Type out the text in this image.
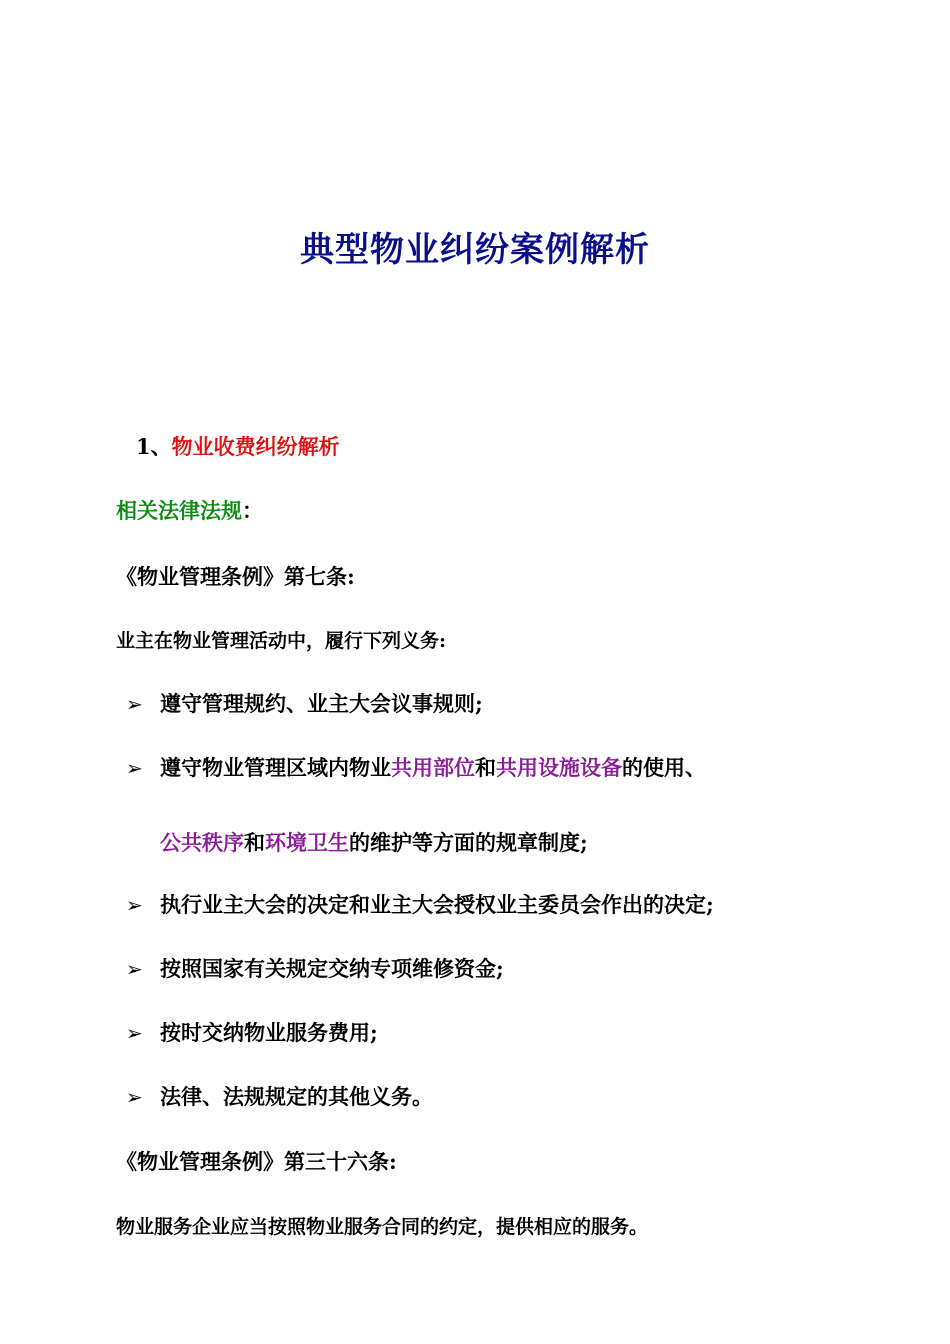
典型物业纠纷案例解析
1、物业收费纠纷解析
相关法律法规：
《物业管理条例》第七条:
业主在物业管理活动中，履行下列义务:
➢ 遵守管理规约、业主大会议事规则;
➢ 遵守物业管理区域内物业共用部位和共用设施设备的使用、
公共秩序和环境卫生的维护等方面的规章制度;
➢ 执行业主大会的决定和业主大会授权业主委员会作出的决定;
➢ 按照国家有关规定交纳专项维修资金;
➢ 按时交纳物业服务费用;
➢ 法律、法规规定的其他义务。
《物业管理条例》第三十六条:
物业服务企业应当按照物业服务合同的约定，提供相应的服务。
